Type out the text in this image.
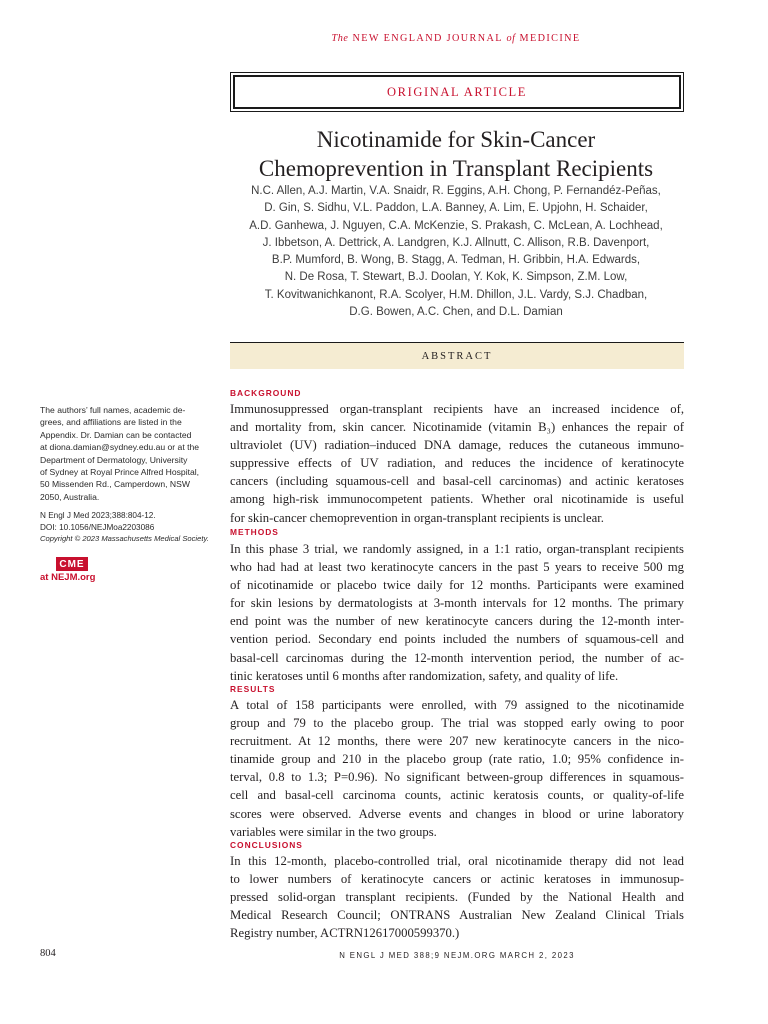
The NEW ENGLAND JOURNAL of MEDICINE
ORIGINAL ARTICLE
Nicotinamide for Skin-Cancer
Chemoprevention in Transplant Recipients
N.C. Allen, A.J. Martin, V.A. Snaidr, R. Eggins, A.H. Chong, P. Fernandéz-Peñas,
D. Gin, S. Sidhu, V.L. Paddon, L.A. Banney, A. Lim, E. Upjohn, H. Schaider,
A.D. Ganhewa, J. Nguyen, C.A. McKenzie, S. Prakash, C. McLean, A. Lochhead,
J. Ibbetson, A. Dettrick, A. Landgren, K.J. Allnutt, C. Allison, R.B. Davenport,
B.P. Mumford, B. Wong, B. Stagg, A. Tedman, H. Gribbin, H.A. Edwards,
N. De Rosa, T. Stewart, B.J. Doolan, Y. Kok, K. Simpson, Z.M. Low,
T. Kovitwanichkanont, R.A. Scolyer, H.M. Dhillon, J.L. Vardy, S.J. Chadban,
D.G. Bowen, A.C. Chen, and D.L. Damian
ABSTRACT
The authors’ full names, academic de-
grees, and affiliations are listed in the
Appendix. Dr. Damian can be contacted
at diona.damian@sydney.edu.au or at the
Department of Dermatology, University
of Sydney at Royal Prince Alfred Hospital,
50 Missenden Rd., Camperdown, NSW
2050, Australia.
N Engl J Med 2023;388:804-12.
DOI: 10.1056/NEJMoa2203086
Copyright © 2023 Massachusetts Medical Society.
CME
at NEJM.org
BACKGROUND
Immunosuppressed organ-transplant recipients have an increased incidence of,
and mortality from, skin cancer. Nicotinamide (vitamin B₃) enhances the repair of
ultraviolet (UV) radiation–induced DNA damage, reduces the cutaneous immuno-
suppressive effects of UV radiation, and reduces the incidence of keratinocyte
cancers (including squamous-cell and basal-cell carcinomas) and actinic keratoses
among high-risk immunocompetent patients. Whether oral nicotinamide is useful
for skin-cancer chemoprevention in organ-transplant recipients is unclear.
METHODS
In this phase 3 trial, we randomly assigned, in a 1:1 ratio, organ-transplant recipients
who had had at least two keratinocyte cancers in the past 5 years to receive 500 mg
of nicotinamide or placebo twice daily for 12 months. Participants were examined
for skin lesions by dermatologists at 3-month intervals for 12 months. The primary
end point was the number of new keratinocyte cancers during the 12-month inter-
vention period. Secondary end points included the numbers of squamous-cell and
basal-cell carcinomas during the 12-month intervention period, the number of ac-
tinic keratoses until 6 months after randomization, safety, and quality of life.
RESULTS
A total of 158 participants were enrolled, with 79 assigned to the nicotinamide
group and 79 to the placebo group. The trial was stopped early owing to poor
recruitment. At 12 months, there were 207 new keratinocyte cancers in the nico-
tinamide group and 210 in the placebo group (rate ratio, 1.0; 95% confidence in-
terval, 0.8 to 1.3; P=0.96). No significant between-group differences in squamous-
cell and basal-cell carcinoma counts, actinic keratosis counts, or quality-of-life
scores were observed. Adverse events and changes in blood or urine laboratory
variables were similar in the two groups.
CONCLUSIONS
In this 12-month, placebo-controlled trial, oral nicotinamide therapy did not lead
to lower numbers of keratinocyte cancers or actinic keratoses in immunosup-
pressed solid-organ transplant recipients. (Funded by the National Health and
Medical Research Council; ONTRANS Australian New Zealand Clinical Trials
Registry number, ACTRN12617000599370.)
804	N ENGL J MED 388;9 NEJM.ORG MARCH 2, 2023
